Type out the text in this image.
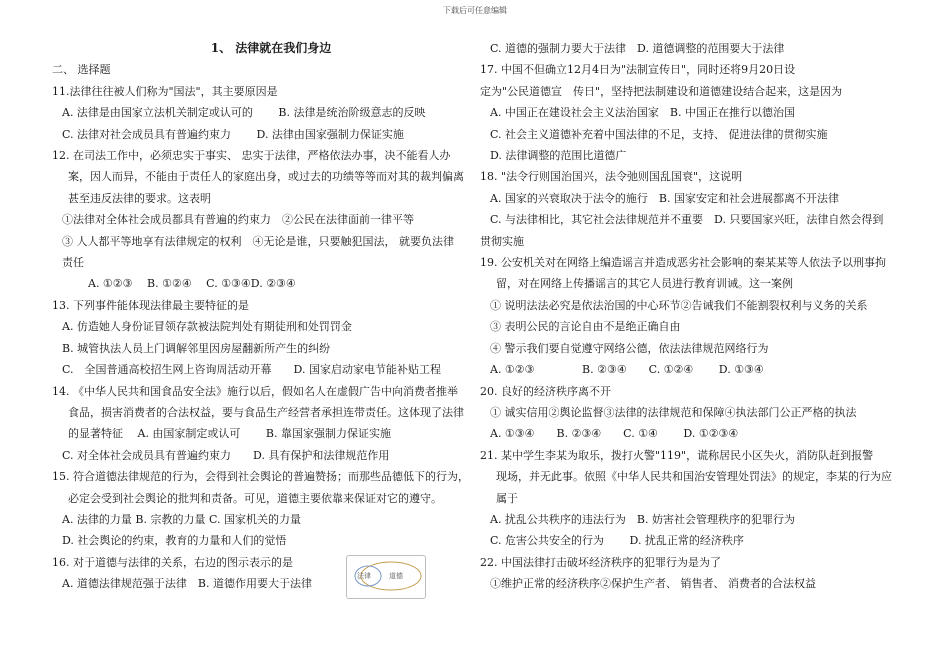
下载后可任意编辑
1、 法律就在我们身边
二、 选择题
11.法律往往被人们称为"国法"，其主要原因是
A. 法律是由国家立法机关制定或认可的　　 B. 法律是统治阶级意志的反映
C. 法律对社会成员具有普遍约束力　　 D. 法律由国家强制力保证实施
12. 在司法工作中，必须忠实于事实、 忠实于法律，严格依法办事，决不能看人办
案，因人而异，不能由于责任人的家庭出身，或过去的功绩等等而对其的裁判偏离
甚至违反法律的要求。这表明
①法律对全体社会成员都具有普遍的约束力　②公民在法律面前一律平等
③ 人人都平等地享有法律规定的权利　④无论是谁，只要触犯国法， 就要负法律
责任
A. ①②③　 B. ①②④　 C. ①③④D. ②③④
13. 下列事件能体现法律最主要特征的是
A. 仿造她人身份证冒领存款被法院判处有期徒刑和处罚罚金
B. 城管执法人员上门调解邻里因房屋翻新所产生的纠纷
C.　全国普通高校招生网上咨询周活动开幕　　D. 国家启动家电节能补贴工程
14. 《中华人民共和国食品安全法》施行以后，假如名人在虚假广告中向消费者推举
食品，损害消费者的合法权益，要与食品生产经营者承担连带责任。这体现了法律
的显著特征　 A. 由国家制定或认可　　 B. 靠国家强制力保证实施
C. 对全体社会成员具有普遍约束力　　D. 具有保护和法律规范作用
15. 符合道德法律规范的行为，会得到社会舆论的普遍赞扬；而那些品德低下的行为，
必定会受到社会舆论的批判和责备。可见，道德主要依靠来保证对它的遵守。
A. 法律的力量 B. 宗教的力量 C. 国家机关的力量
D. 社会舆论的约束，教育的力量和人们的觉悟
16. 对于道德与法律的关系，右边的图示表示的是
A. 道德法律规范强于法律　B. 道德作用要大于法律
C. 道德的强制力要大于法律　D. 道德调整的范围要大于法律
17. 中国不但确立12月4日为"法制宣传日"，同时还将9月20日设
定为"公民道德宣　传日"，坚持把法制建设和道德建设结合起来，这是因为
A. 中国正在建设社会主义法治国家　B. 中国正在推行以德治国
C. 社会主义道德补充着中国法律的不足，支持、 促进法律的贯彻实施
D. 法律调整的范围比道德广
18. "法令行则国治国兴，法令弛则国乱国衰"，这说明
A. 国家的兴衰取决于法令的施行　B. 国家安定和社会进展都离不开法律
C. 与法律相比，其它社会法律规范并不重要　D. 只要国家兴旺，法律自然会得到
贯彻实施
19. 公安机关对在网络上编造谣言并造成恶劣社会影响的秦某某等人依法予以刑事拘
留，对在网络上传播谣言的其它人员进行教育训诫。这一案例
① 说明法法必究是依法治国的中心环节②告诫我们不能割裂权利与义务的关系
③ 表明公民的言论自由不是绝正确自由
④ 警示我们要自觉遵守网络公德，依法法律规范网络行为
A. ①②③　　　　 B. ②③④　　C. ①②④　　 D. ①③④
20. 良好的经济秩序离不开
① 诚实信用②舆论监督③法律的法律规范和保障④执法部门公正严格的执法
A. ①③④　　B. ②③④　　C. ①④　　 D. ①②③④
21. 某中学生李某为取乐，拨打火警"119"，谎称居民小区失火，消防队赶到报警
现场，并无此事。依照《中华人民共和国治安管理处罚法》的规定，李某的行为应
属于
A. 扰乱公共秩序的违法行为　B. 妨害社会管理秩序的犯罪行为
C. 危害公共安全的行为　　 D. 扰乱正常的经济秩序
22. 中国法律打击破坏经济秩序的犯罪行为是为了
①维护正常的经济秩序②保护生产者、 销售者、 消费者的合法权益
法律	道德
